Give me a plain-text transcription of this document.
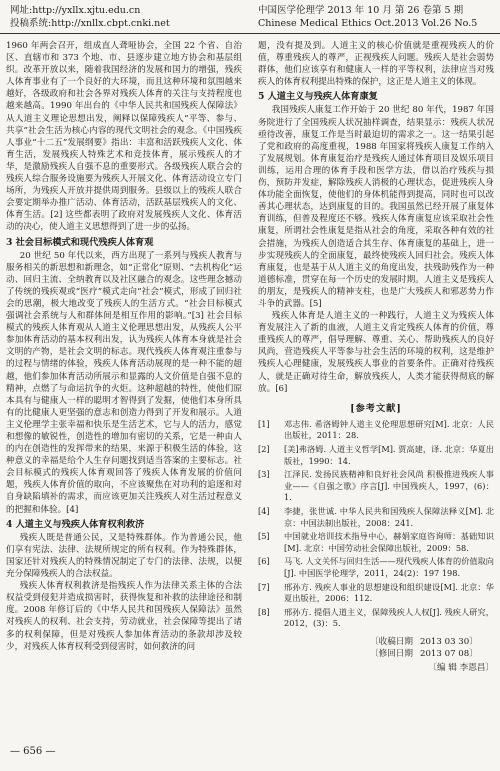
网址:http://yxllx.xjtu.edu.cn
投稿系统:http://xnllx.cbpt.cnki.net
中国医学伦理学 2013 年 10 月 第 26 卷第 5 期
Chinese Medical Ethics Oct.2013 Vol.26 No.5

1960 年两会召开，组成直人聋哑协会，全国 22 个省、自治区、直辖市和 373 个地、市、县逐步建立地方协会和基层组织。改革开放以来，随着我国经济的发展和国力的增强，残疾人体育事业有了一个良好的大环境，而且这种环境和氛围越来越好，各级政府和社会各界对残疾人体育的关注与支持程度也越来越高。1990 年出台的《中华人民共和国残疾人保障法》从人道主义理论思想出发，阐释以保障残疾人“平等、参与、共享”社会生活为核心内容的现代文明社会的观念。《中国残疾人事业“十二五”发展纲要》指出：丰富和活跃残疾人文化、体育生活，发展残疾人特殊艺术和竞技体育，展示残疾人的才华，是激励残疾人自强不息的重要形式。各级残疾人联合会的残疾人综合服务设施要为残疾人开展文化、体育活动设立专门场所，为残疾人开放并提供周到服务。县级以上的残疾人联合会要定期举办推广活动、体育活动，活跃基层残疾人的文化、体育生活。[2] 这些都表明了政府对发展残疾人文化、体育活动的决心，使人道主义思想得到了进一步的弘扬。

3 社会目标模式和现代残疾人体育观

20 世纪 50 年代以来，西方出现了一系列与残疾人教育与服务相关的新思想和新理念，如“正常化”原则、“去机构化”运动、回归主流、全纳教育以及社区融合的观念。这些理念撼动了传统的残疾观或“医疗”模式走向“社会”模式，形成了回归社会的思潮，极大地改变了残疾人的生活方式。“社会目标模式强调社会系统与人和群体间是相互作用的影响。”[3] 社会目标模式的残疾人体育观从人道主义伦理思想出发，从残疾人公平参加体育活动的基本权利出发，认为残疾人体育本身就是社会文明的产物，是社会文明的标志。现代残疾人体育观注重参与的过程与情绪的体验，残疾人体育活动展现的是一种不能的超越，他们参加体育活动所展示和显露的人文价值是自强不息的精神，点燃了与命运抗争的火炬。这种超越的特性，使他们原本具有与健康人一样的聪明才智得到了发掘，使他们本身所具有的比健康人更坚强的意志和创造力得到了开发和展示。人道主义伦理学主张幸福和快乐是生活艺术，它与人的活力，感觉和想像的敏锐性，创造性的增加有密切的关系，它是一种由人的内在创造性的发挥带来的结果，来源于积极生活的体验，这种意义的幸福是给个人生存问题找到适当答案的主要标志。社会目标模式的残疾人体育观回答了残疾人体育发展的价值问题，残疾人体育价值的取向，不应该聚焦在对功利的追逐和对自身缺陷填补的需求，而应该更加关注残疾人对生活过程意义的把握和体验。[4]

4 人道主义与残疾人体育权利救济

残疾人既是普通公民，又是特殊群体。作为普通公民，他们享有宪法、法律、法规所规定的所有权利。作为特殊群体，国家还针对残疾人的特殊情况制定了专门的法律、法规，以便充分保障残疾人的合法权益。

残疾人体育权利救济是指残疾人作为法律关系主体的合法权益受到侵犯并造成损害时，获得恢复和补救的法律途径和制度。2008 年修订后的《中华人民共和国残疾人保障法》虽然对残疾人的权利、社会支持，劳动就业，社会保障等提出了诸多的权利保障，但是对残疾人参加体育活动的条款却涉及较少，对残疾人体育权利受到侵害时，如何救济的问

题，没有提及到。人道主义的核心价值就是重视残疾人的价值，尊重残疾人的尊严，正视残疾人问题。残疾人是社会弱势群体，他们应该享有和健康人一样的平等权利，法律应当对残疾人的体育权利提出特殊的保护，这正是人道主义的体现。

5 人道主义与残疾人体育康复

我国残疾人康复工作开始于 20 世纪 80 年代，1987 年国务院进行了全国残疾人状况抽样调查，结果显示：残疾人状况亟待改善，康复工作是当时最迫切的需求之一。这一结果引起了党和政府的高度重视，1988 年国家将残疾人康复工作纳入了发展规划。体育康复治疗是残疾人通过体育项目及娱乐项目训练，运用合理的体育手段和医学方法，借以治疗残疾与损伤，预防并发症，解除残疾人消极的心理状态，促进残疾人身体功能全面恢复，使他们的身体机能得到提高，同时也可以改善其心理状态，达到康复的目的。我国虽然已经开展了康复体育训练，但普及程度还不够。残疾人体育康复应该采取社会性康复，所谓社会性康复是指从社会的角度，采取各种有效的社会措施，为残疾人创造适合其生存、体育康复的基础上，进一步实现残疾人的全面康复，最终使残疾人回归社会。残疾人体育康复，也是基于从人道主义的角度出发，扶残助残作为一种道德标准，贯穿在每一个历史的发展时期。人道主义是残疾人的朋友，是残疾人的精神支柱，也是广大残疾人和邪恶势力作斗争的武器。[5]

残疾人体育是人道主义的一种践行，人道主义为残疾人体育发展注入了新的血液，人道主义肯定残疾人体育的价值，尊重残疾人的尊严，倡导理解、尊重、关心、帮助残疾人的良好风尚，营造残疾人平等参与社会生活的环境的权利，这是维护残疾人心理健康，发展残疾人事业的首要条件。正确对待残疾人，就是正确对待生命，解放残疾人，人类才能获得彻底的解放。[6]

[参考文献]
[1]	邓志伟. 希洛姆钟人道主义伦理思想研究[M]. 北京：人民出版社，2011：28.
[2]	[美]弗洛姆. 人道主义哲学[M]. 贾高建，译. 北京：华夏出版社，1990：14.
[3]	江泽民. 发扬民族精神和良好社会风尚 积极推进残疾人事业——《自强之歌》序言[J]. 中国残疾人，1997，(6)：1.
[4]	李捷，张世诚. 中华人民共和国残疾人保障法释义[M]. 北京：中国法制出版社，2008：241.
[5]	中国就业培训技术指导中心，赫娟家庭咨询师：基础知识[M]. 北京：中国劳动社会保障出版社，2009：58.
[6]	马飞. 人文关怀与回归生活——现代残疾人体育的价值取向[J]. 中国医学伦理学，2011，24(2)：197 198.
[7]	邢孙方. 残疾人事业的思想建设和组织建设[M]. 北京：华夏出版社，2006：112.
[8]	邢孙方. 提倡人道主义，保障残疾人人权[J]. 残疾人研究，2012，(3)：5.
〔收稿日期 2013 03 30〕
〔修回日期 2013 07 08〕
〔编 辑 李恩昌〕
— 656 —
